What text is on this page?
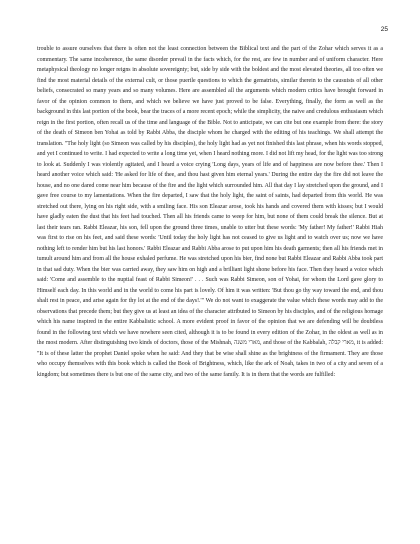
25

trouble to assure ourselves that there is often not the least connection between the Biblical text and the part of the Zohar which serves it as a commentary. The same incoherence, the same disorder prevail in the facts which, for the rest, are few in number and of uniform character. Here metaphysical theology no longer reigns in absolute sovereignty; but, side by side with the boldest and the most elevated theories, all too often we find the most material details of the external cult, or those puerile questions to which the gematrists, similar therein to the causuists of all other beliefs, consecrated so many years and so many volumes. Here are assembled all the arguments which modern critics have brought forward in favor of the opinion common to them, and which we believe we have just proved to be false. Everything, finally, the form as well as the background in this last portion of the book, bear the traces of a more recent epoch; while the simplicity, the naive and credulous enthusiasm which reign in the first portion, often recall us of the time and language of the Bible. Not to anticipate, we can cite but one example from there: the story of the death of Simeon ben Yohai as told by Rabbi Abba, the disciple whom he charged with the editing of his teachings. We shall attempt the translation. "The holy light (so Simeon was called by his disciples), the holy light had as yet not finished this last phrase, when his words stopped, and yet I continued to write. I had expected to write a long time yet, when I heard nothing more. I did not lift my head, for the light was too strong to look at. Suddenly I was violently agitated, and I heard a voice crying 'Long days, years of life and of happiness are now before thee.' Then I heard another voice which said: 'He asked for life of thee, and thou hast given him eternal years.' During the entire day the fire did not leave the house, and no one dared come near him because of the fire and the light which surrounded him. All that day I lay stretched upon the ground, and I gave free course to my lamentations. When the fire departed, I saw that the holy light, the saint of saints, had departed from this world. He was stretched out there, lying on his right side, with a smiling face. His son Eleazar arose, took his hands and covered them with kisses; but I would have gladly eaten the dust that his feet had touched. Then all his friends came to weep for him, but none of them could break the silence. But at last their tears ran. Rabbi Eleazar, his son, fell upon the ground three times, unable to utter but these words: 'My father! My father!' Rabbi Hiah was first to rise on his feet, and said these words: 'Until today the holy light has not ceased to give us light and to watch over us; now we have nothing left to render him but his last honors.' Rabbi Eleazar and Rabbi Abba arose to put upon him his death garments; then all his friends met in tumult around him and from all the house exhaled perfume. He was stretched upon his bier, find none but Rabbi Eleazar and Rabbi Abba took part in that sad duty. When the bier was carried away, they saw him on high and a brilliant light shone before his face. Then they heard a voice which said: 'Come and assemble to the nuptial feast of Rabbi Simeon!' . . . Such was Rabbi Simeon, son of Yohai, for whom the Lord gave glory to Himself each day. In this world and in the world to come his part is lovely. Of him it was written: 'But thou go thy way toward the end, and thou shalt rest in peace, and arise again for thy lot at the end of the days!.'" We do not want to exaggerate the value which these words may add to the observations that precede them; but they give us at least an idea of the character attributed to Simeon by his disciples, and of the religious homage which his name inspired in the entire Kabbalistic school. A more evident proof in favor of the opinion that we are defending will be doubtless found in the following text which we have nowhere seen cited, although it is to be found in every edition of the Zohar, in the oldest as well as in the most modern. After distinguishing two kinds of doctors, those of the Mishnah, מארי משנה, and those of the Kabbalah, מארי קבלה, it is added: "It is of these latter the prophet Daniel spoke when he said: And they that be wise shall shine as the brightness of the firmament. They are those who occupy themselves with this book which is called the Book of Brightness, which, like the ark of Noah, takes in two of a city and seven of a kingdom; but sometimes there is but one of the same city, and two of the same family. It is in them that the words are fulfilled:
